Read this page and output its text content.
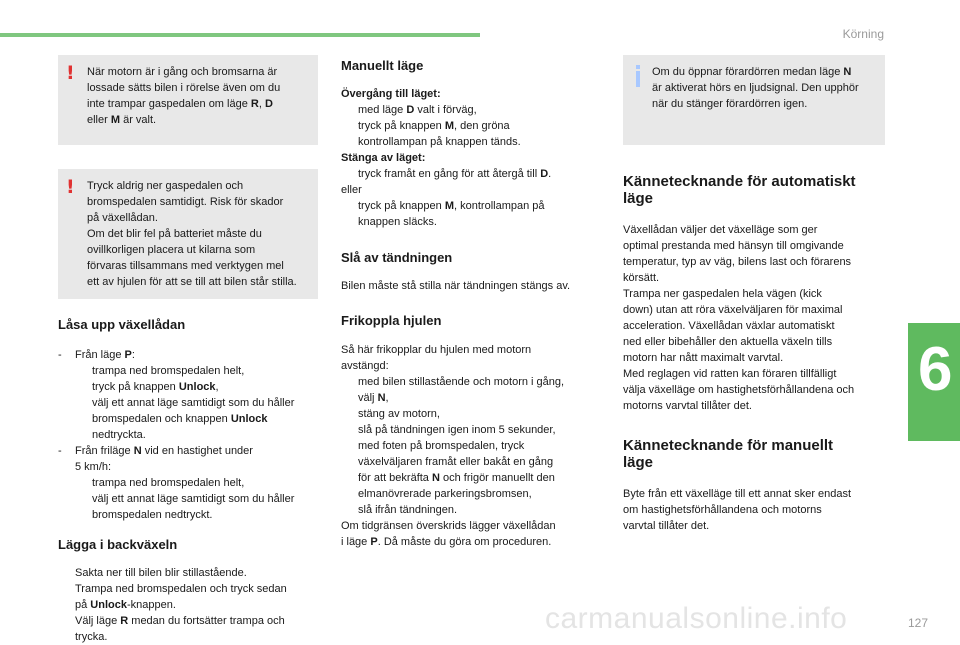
Körning
6
! När motorn är i gång och bromsarna är
lossade sätts bilen i rörelse även om du
inte trampar gaspedalen om läge R, D
eller M är valt.

! Tryck aldrig ner gaspedalen och
bromspedalen samtidigt. Risk för skador
på växellådan.
Om det blir fel på batteriet måste du
ovillkorligen placera ut kilarna som
förvaras tillsammans med verktygen mel
ett av hjulen för att se till att bilen står stilla.

Låsa upp växellådan
- Från läge P:
trampa ned bromspedalen helt,
tryck på knappen Unlock,
välj ett annat läge samtidigt som du håller
bromspedalen och knappen Unlock
nedtryckta.
- Från friläge N vid en hastighet under
5 km/h:
trampa ned bromspedalen helt,
välj ett annat läge samtidigt som du håller
bromspedalen nedtryckt.
Lägga i backväxeln
Sakta ner till bilen blir stillastående.
Trampa ned bromspedalen och tryck sedan
på Unlock-knappen.
Välj läge R medan du fortsätter trampa och
trycka.
Manuellt läge
Övergång till läget:
med läge D valt i förväg,
tryck på knappen M, den gröna
kontrollampan på knappen tänds.
Stänga av läget:
tryck framåt en gång för att återgå till D.

eller

tryck på knappen M, kontrollampan på
knappen släcks.
Slå av tändningen

Bilen måste stå stilla när tändningen stängs av.

Frikoppla hjulen

Så här frikopplar du hjulen med motorn
avstängd:

med bilen stillastående och motorn i gång,
välj N,
stäng av motorn,
slå på tändningen igen inom 5 sekunder,
med foten på bromspedalen, tryck
växelväljaren framåt eller bakåt en gång
för att bekräfta N och frigör manuellt den
elmanövrerade parkeringsbromsen,
slå ifrån tändningen.

Om tidgränsen överskrids lägger växellådan
i läge P. Då måste du göra om proceduren.

Om du öppnar förardörren medan läge N
är aktiverat hörs en ljudsignal. Den upphör
när du stänger förardörren igen.

Kännetecknande för automatiskt
läge

Växellådan väljer det växelläge som ger
optimal prestanda med hänsyn till omgivande
temperatur, typ av väg, bilens last och förarens
körsätt.
Trampa ner gaspedalen hela vägen (kick
down) utan att röra växelväljaren för maximal
acceleration. Växellådan växlar automatiskt
ned eller bibehåller den aktuella växeln tills
motorn har nått maximalt varvtal.
Med reglagen vid ratten kan föraren tillfälligt
välja växelläge om hastighetsförhållandena och
motorns varvtal tillåter det.

Kännetecknande för manuellt
läge

Byte från ett växelläge till ett annat sker endast
om hastighetsförhållandena och motorns
varvtal tillåter det.

carmanualsonline.info	127
